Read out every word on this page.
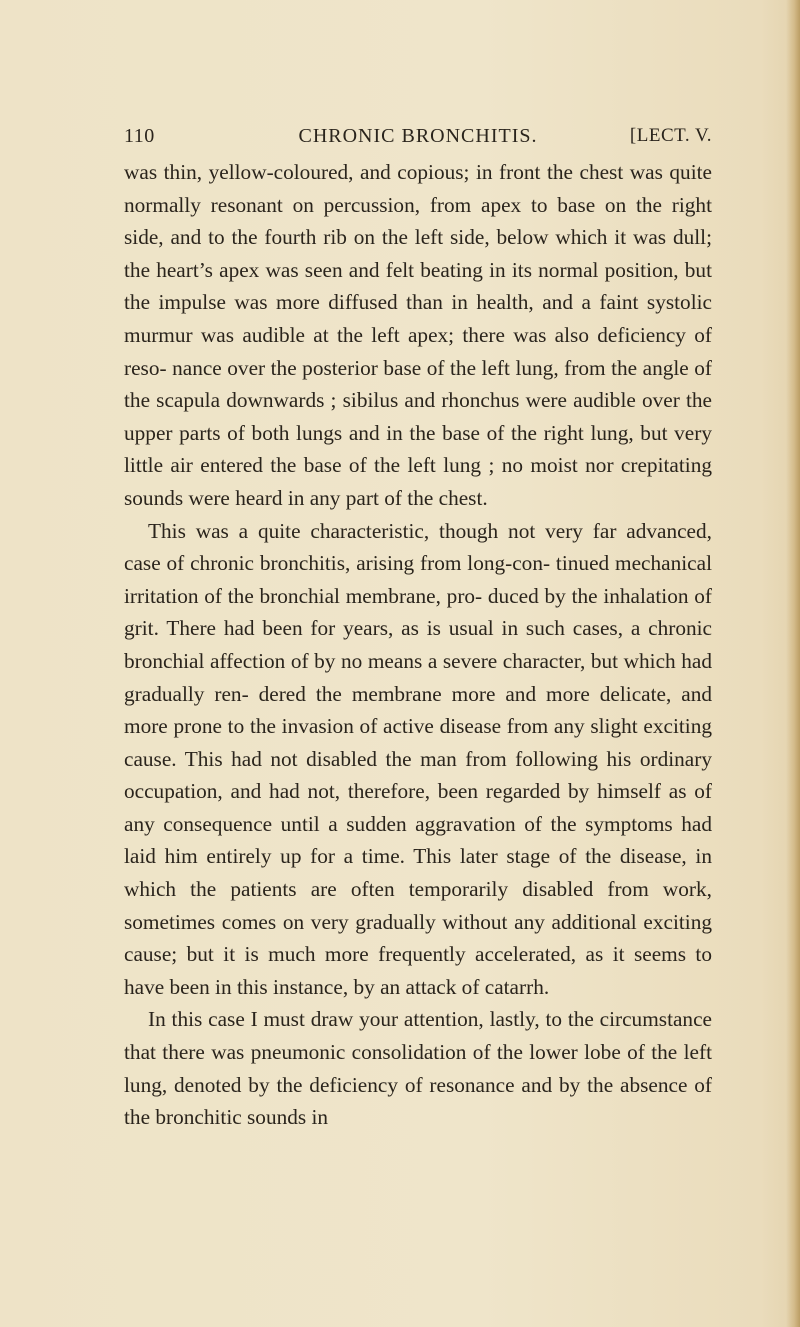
110	CHRONIC BRONCHITIS.	[LECT. V.

was thin, yellow-coloured, and copious; in front the chest was quite normally resonant on percussion, from apex to base on the right side, and to the fourth rib on the left side, below which it was dull; the heart’s apex was seen and felt beating in its normal position, but the impulse was more diffused than in health, and a faint systolic murmur was audible at the left apex; there was also deficiency of reso- nance over the posterior base of the left lung, from the angle of the scapula downwards ; sibilus and rhonchus were audible over the upper parts of both lungs and in the base of the right lung, but very little air entered the base of the left lung ; no moist nor crepitating sounds were heard in any part of the chest.

This was a quite characteristic, though not very far advanced, case of chronic bronchitis, arising from long-con- tinued mechanical irritation of the bronchial membrane, pro- duced by the inhalation of grit. There had been for years, as is usual in such cases, a chronic bronchial affection of by no means a severe character, but which had gradually ren- dered the membrane more and more delicate, and more prone to the invasion of active disease from any slight exciting cause. This had not disabled the man from following his ordinary occupation, and had not, therefore, been regarded by himself as of any consequence until a sudden aggravation of the symptoms had laid him entirely up for a time. This later stage of the disease, in which the patients are often temporarily disabled from work, sometimes comes on very gradually without any additional exciting cause; but it is much more frequently accelerated, as it seems to have been in this instance, by an attack of catarrh.

In this case I must draw your attention, lastly, to the circumstance that there was pneumonic consolidation of the lower lobe of the left lung, denoted by the deficiency of resonance and by the absence of the bronchitic sounds in
